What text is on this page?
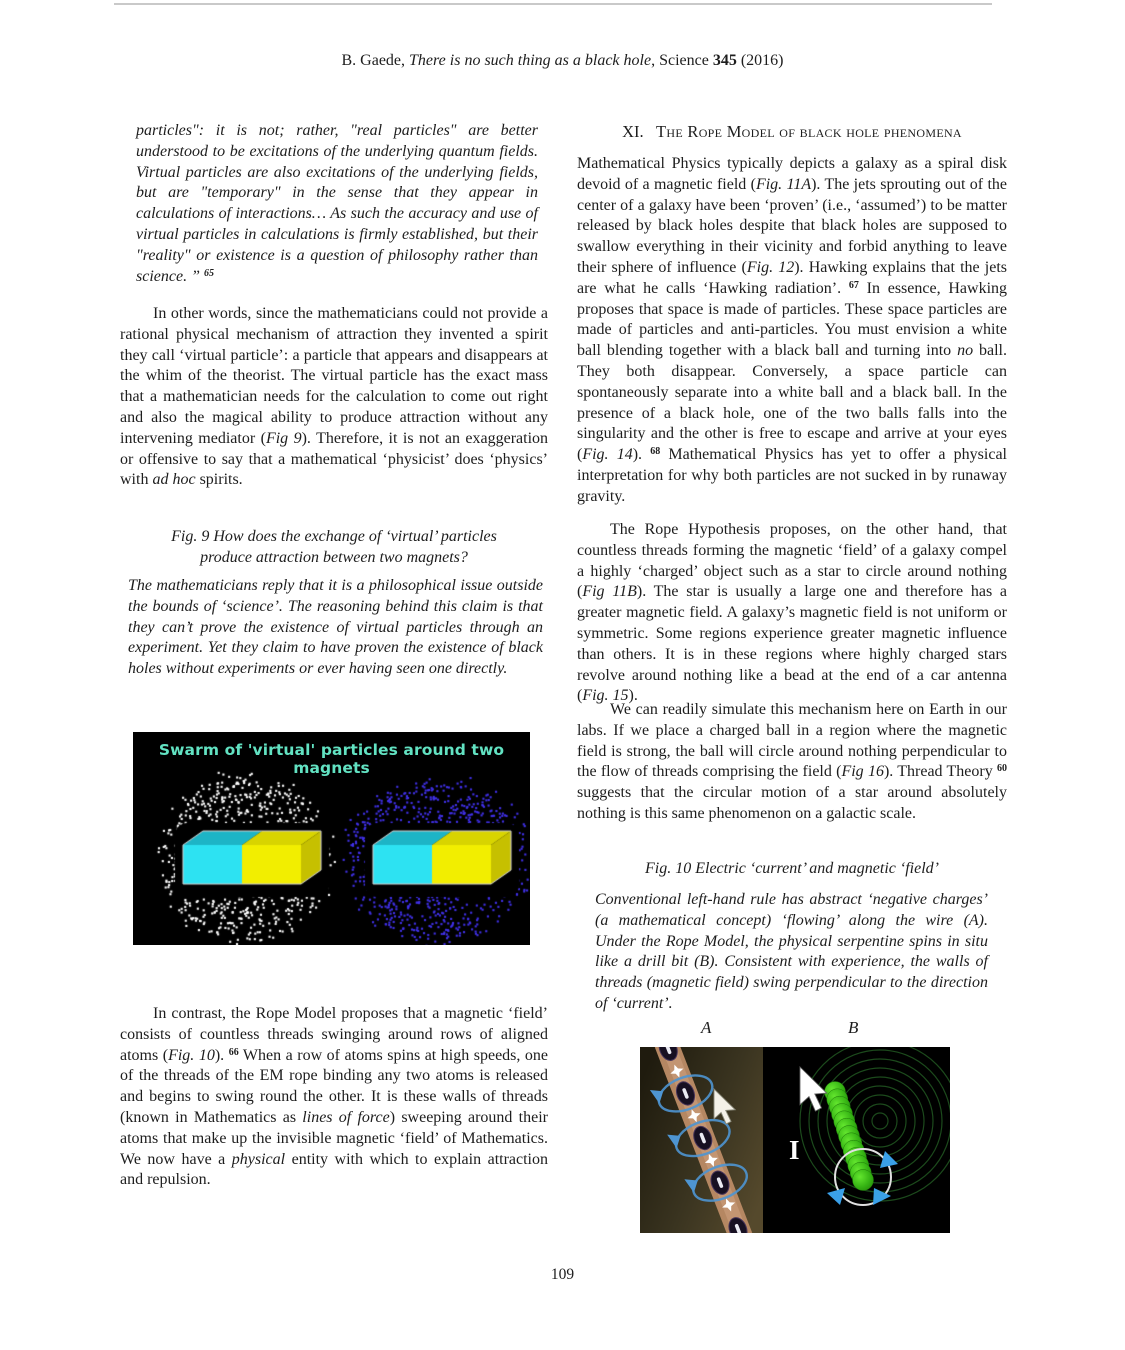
B. Gaede, There is no such thing as a black hole, Science 345 (2016)
particles": it is not; rather, "real particles" are better understood to be excitations of the underlying quantum fields. Virtual particles are also excitations of the underlying fields, but are "temporary" in the sense that they appear in calculations of interactions… As such the accuracy and use of virtual particles in calculations is firmly established, but their "reality" or existence is a question of philosophy rather than science. ” $^{65}$
In other words, since the mathematicians could not provide a rational physical mechanism of attraction they invented a spirit they call ‘virtual particle’: a particle that appears and disappears at the whim of the theorist. The virtual particle has the exact mass that a mathematician needs for the calculation to come out right and also the magical ability to produce attraction without any intervening mediator (Fig 9). Therefore, it is not an exaggeration or offensive to say that a mathematical ‘physicist’ does ‘physics’ with ad hoc spirits.
Fig. 9 How does the exchange of ‘virtual’ particles
produce attraction between two magnets?
The mathematicians reply that it is a philosophical issue outside the bounds of ‘science’. The reasoning behind this claim is that they can’t prove the existence of virtual particles through an experiment. Yet they claim to have proven the existence of black holes without experiments or ever having seen one directly.
Swarm of 'virtual' particles around two magnets
In contrast, the Rope Model proposes that a magnetic ‘field’ consists of countless threads swinging around rows of aligned atoms (Fig. 10). $^{66}$ When a row of atoms spins at high speeds, one of the threads of the EM rope binding any two atoms is released and begins to swing round the other. It is these walls of threads (known in Mathematics as lines of force) sweeping around their atoms that make up the invisible magnetic ‘field’ of Mathematics. We now have a physical entity with which to explain attraction and repulsion.
XI. The Rope Model of black hole phenomena
Mathematical Physics typically depicts a galaxy as a spiral disk devoid of a magnetic field (Fig. 11A). The jets sprouting out of the center of a galaxy have been ‘proven’ (i.e., ‘assumed’) to be matter released by black holes despite that black holes are supposed to swallow everything in their vicinity and forbid anything to leave their sphere of influence (Fig. 12). Hawking explains that the jets are what he calls ‘Hawking radiation’. $^{67}$ In essence, Hawking proposes that space is made of particles. These space particles are made of particles and anti-particles. You must envision a white ball blending together with a black ball and turning into no ball. They both disappear. Conversely, a space particle can spontaneously separate into a white ball and a black ball. In the presence of a black hole, one of the two balls falls into the singularity and the other is free to escape and arrive at your eyes (Fig. 14). $^{68}$ Mathematical Physics has yet to offer a physical interpretation for why both particles are not sucked in by runaway gravity.
The Rope Hypothesis proposes, on the other hand, that countless threads forming the magnetic ‘field’ of a galaxy compel a highly ‘charged’ object such as a star to circle around nothing (Fig 11B). The star is usually a large one and therefore has a greater magnetic field. A galaxy’s magnetic field is not uniform or symmetric. Some regions experience greater magnetic influence than others. It is in these regions where highly charged stars revolve around nothing like a bead at the end of a car antenna (Fig. 15).
We can readily simulate this mechanism here on Earth in our labs. If we place a charged ball in a region where the magnetic field is strong, the ball will circle around nothing perpendicular to the flow of threads comprising the field (Fig 16). Thread Theory $^{60}$ suggests that the circular motion of a star around absolutely nothing is this same phenomenon on a galactic scale.
Fig. 10 Electric ‘current’ and magnetic ‘field’
Conventional left-hand rule has abstract ‘negative charges’ (a mathematical concept) ‘flowing’ along the wire (A). Under the Rope Model, the physical serpentine spins in situ like a drill bit (B). Consistent with experience, the walls of threads (magnetic field) swing perpendicular to the direction of ‘current’.
A	B
I
109
